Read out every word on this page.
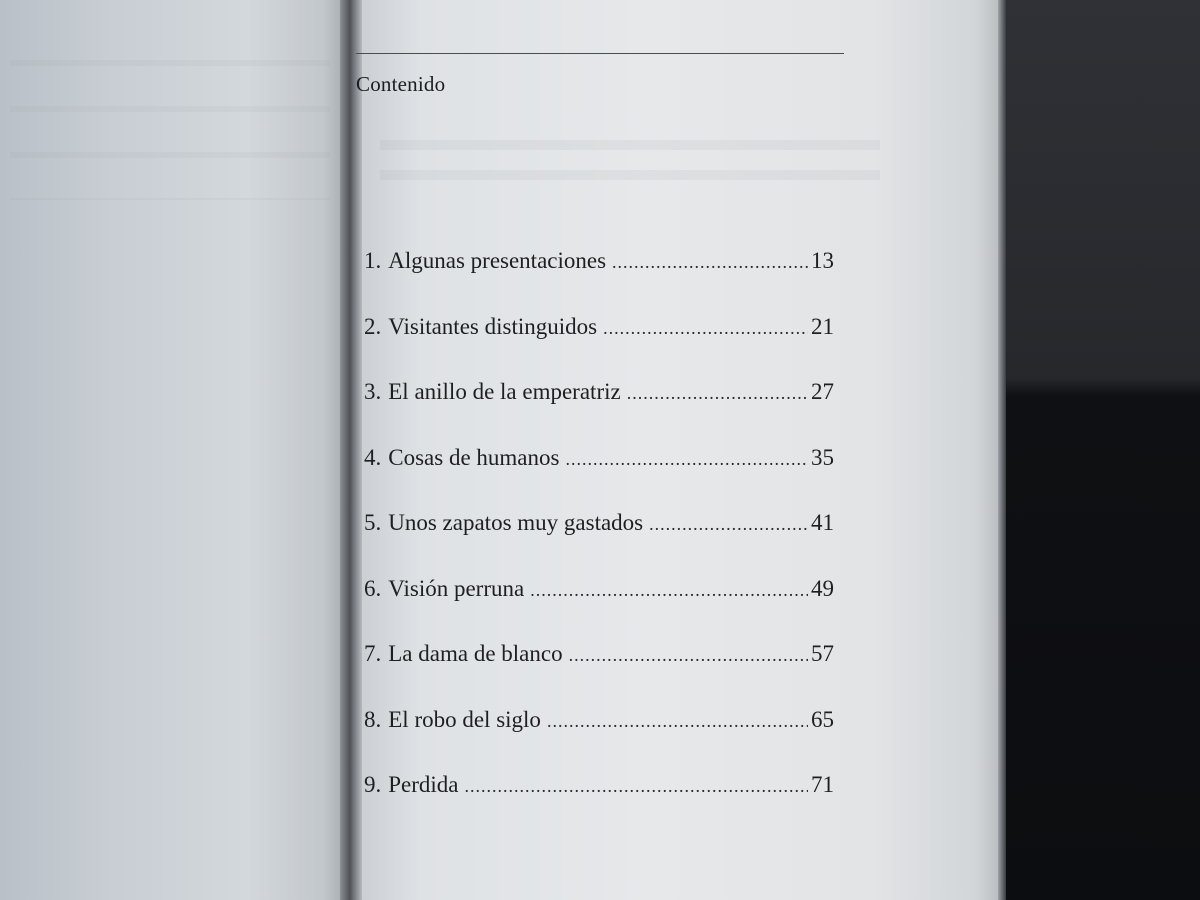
Contenido
1. Algunas presentaciones .....	13
2. Visitantes distinguidos .....	21
3. El anillo de la emperatriz .....	27
4. Cosas de humanos .....	35
5. Unos zapatos muy gastados .....	41
6. Visión perruna .....	49
7. La dama de blanco .....	57
8. El robo del siglo .....	65
9. Perdida .....	71
